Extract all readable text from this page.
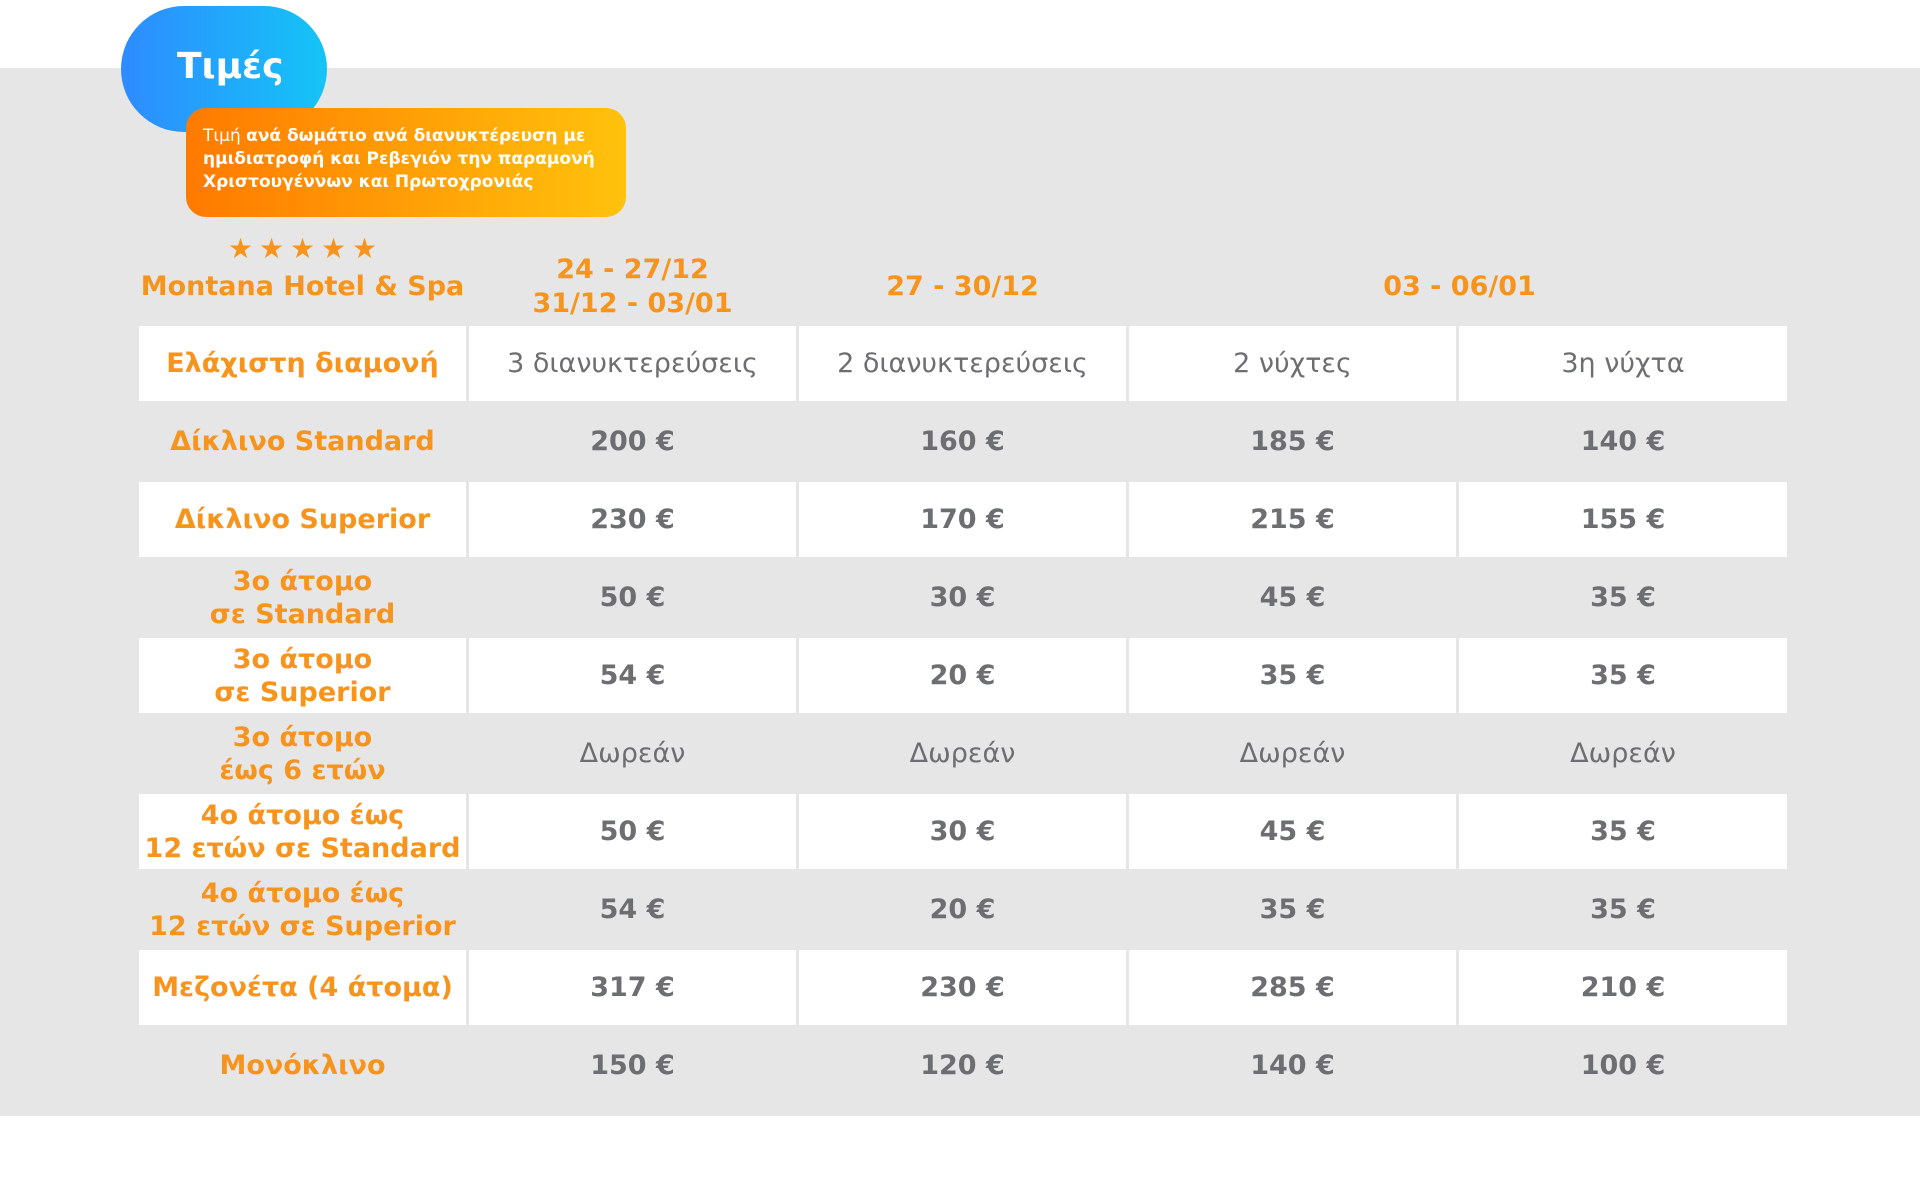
Τιμές
Τιμή ανά δωμάτιο ανά διανυκτέρευση με ημιδιατροφή και Ρεβεγιόν την παραμονή Χριστουγέννων και Πρωτοχρονιάς
★ ★ ★ ★ ★
Montana Hotel & Spa
24 - 27/12
31/12 - 03/01
27 - 30/12	03 - 06/01
Ελάχιστη διαμονή	3 διανυκτερεύσεις	2 διανυκτερεύσεις	2 νύχτες	3η νύχτα
Δίκλινο Standard	200 €	160 €	185 €	140 €
Δίκλινο Superior	230 €	170 €	215 €	155 €
3ο άτομο
σε Standard
50 €	30 €	45 €	35 €
3ο άτομο
σε Superior
54 €	20 €	35 €	35 €
3ο άτομο
έως 6 ετών
Δωρεάν	Δωρεάν	Δωρεάν	Δωρεάν
4ο άτομο έως
12 ετών σε Standard
50 €	30 €	45 €	35 €
4ο άτομο έως
12 ετών σε Superior
54 €	20 €	35 €	35 €
Μεζονέτα (4 άτομα)	317 €	230 €	285 €	210 €
Μονόκλινο	150 €	120 €	140 €	100 €
